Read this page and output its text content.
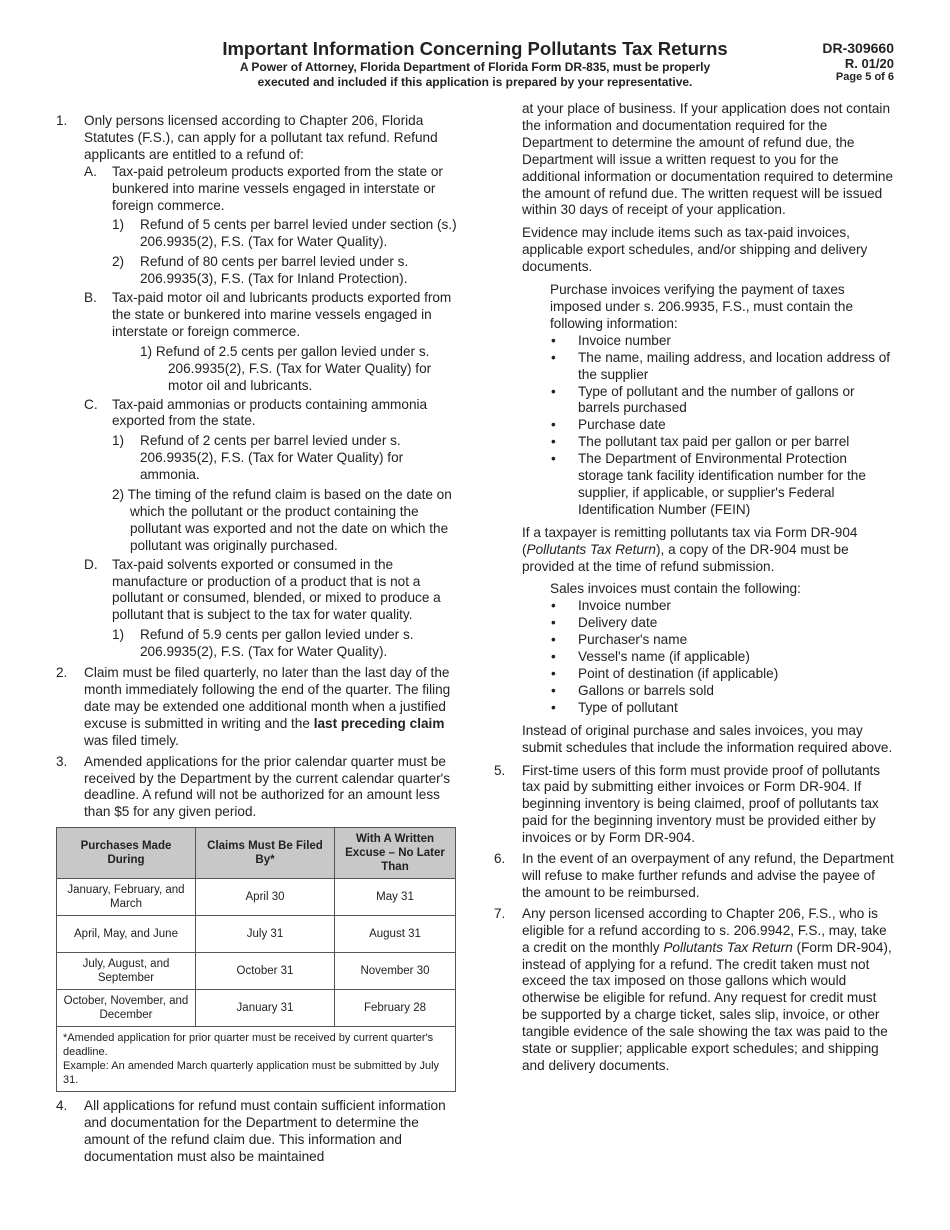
Important Information Concerning Pollutants Tax Returns
A Power of Attorney, Florida Department of Florida Form DR-835, must be properly
executed and included if this application is prepared by your representative.
DR-309660
R. 01/20
Page 5 of 6
1. Only persons licensed according to Chapter 206, Florida Statutes (F.S.), can apply for a pollutant tax refund. Refund applicants are entitled to a refund of:
A. Tax-paid petroleum products exported from the state or bunkered into marine vessels engaged in interstate or foreign commerce.
1) Refund of 5 cents per barrel levied under section (s.) 206.9935(2), F.S. (Tax for Water Quality).
2) Refund of 80 cents per barrel levied under s. 206.9935(3), F.S. (Tax for Inland Protection).
B. Tax-paid motor oil and lubricants products exported from the state or bunkered into marine vessels engaged in interstate or foreign commerce.
1) Refund of 2.5 cents per gallon levied under s. 206.9935(2), F.S. (Tax for Water Quality) for motor oil and lubricants.
C. Tax-paid ammonias or products containing ammonia exported from the state.
1) Refund of 2 cents per barrel levied under s. 206.9935(2), F.S. (Tax for Water Quality) for ammonia.
2) The timing of the refund claim is based on the date on which the pollutant or the product containing the pollutant was exported and not the date on which the pollutant was originally purchased.
D. Tax-paid solvents exported or consumed in the manufacture or production of a product that is not a pollutant or consumed, blended, or mixed to produce a pollutant that is subject to the tax for water quality.
1) Refund of 5.9 cents per gallon levied under s. 206.9935(2), F.S. (Tax for Water Quality).
2. Claim must be filed quarterly, no later than the last day of the month immediately following the end of the quarter. The filing date may be extended one additional month when a justified excuse is submitted in writing and the last preceding claim was filed timely.
3. Amended applications for the prior calendar quarter must be received by the Department by the current calendar quarter's deadline. A refund will not be authorized for an amount less than $5 for any given period.
Purchases Made During	Claims Must Be Filed By*	With A Written Excuse – No Later Than
January, February, and March	April 30	May 31
April, May, and June	July 31	August 31
July, August, and September	October 31	November 30
October, November, and December	January 31	February 28

*Amended application for prior quarter must be received by current quarter's deadline.
Example: An amended March quarterly application must be submitted by July 31.		
4. All applications for refund must contain sufficient information and documentation for the Department to determine the amount of the refund claim due. This information and documentation must also be maintained
at your place of business. If your application does not contain the information and documentation required for the Department to determine the amount of refund due, the Department will issue a written request to you for the additional information or documentation required to determine the amount of refund due. The written request will be issued within 30 days of receipt of your application.
Evidence may include items such as tax-paid invoices, applicable export schedules, and/or shipping and delivery documents.
Purchase invoices verifying the payment of taxes imposed under s. 206.9935, F.S., must contain the following information:
• Invoice number
• The name, mailing address, and location address of the supplier
• Type of pollutant and the number of gallons or barrels purchased
• Purchase date
• The pollutant tax paid per gallon or per barrel
• The Department of Environmental Protection storage tank facility identification number for the supplier, if applicable, or supplier's Federal Identification Number (FEIN)
If a taxpayer is remitting pollutants tax via Form DR-904 (Pollutants Tax Return), a copy of the DR-904 must be provided at the time of refund submission.
Sales invoices must contain the following:
• Invoice number
• Delivery date
• Purchaser's name
• Vessel's name (if applicable)
• Point of destination (if applicable)
• Gallons or barrels sold
• Type of pollutant
Instead of original purchase and sales invoices, you may submit schedules that include the information required above.
5. First-time users of this form must provide proof of pollutants tax paid by submitting either invoices or Form DR-904. If beginning inventory is being claimed, proof of pollutants tax paid for the beginning inventory must be provided either by invoices or by Form DR-904.
6. In the event of an overpayment of any refund, the Department will refuse to make further refunds and advise the payee of the amount to be reimbursed.
7. Any person licensed according to Chapter 206, F.S., who is eligible for a refund according to s. 206.9942, F.S., may, take a credit on the monthly Pollutants Tax Return (Form DR-904), instead of applying for a refund. The credit taken must not exceed the tax imposed on those gallons which would otherwise be eligible for refund. Any request for credit must be supported by a charge ticket, sales slip, invoice, or other tangible evidence of the sale showing the tax was paid to the state or supplier; applicable export schedules; and shipping and delivery documents.
